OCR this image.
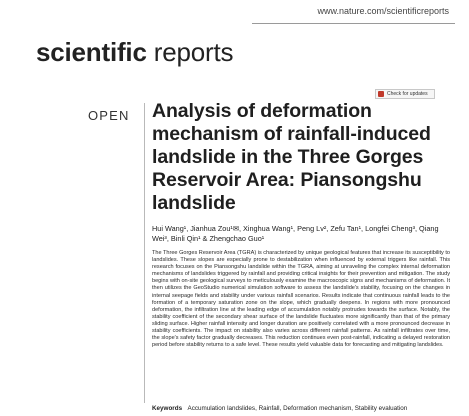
www.nature.com/scientificreports
scientific reports
Check for updates
OPEN Analysis of deformation mechanism of rainfall-induced landslide in the Three Gorges Reservoir Area: Piansongshu landslide
Hui Wang¹, Jianhua Zou¹✉, Xinghua Wang¹, Peng Lv², Zefu Tan¹, Longfei Cheng³, Qiang Wei³, Binli Qin¹ & Zhengchao Guo¹
The Three Gorges Reservoir Area (TGRA) is characterized by unique geological features that increase its susceptibility to landslides. These slopes are especially prone to destabilization when influenced by external triggers like rainfall. This research focuses on the Piansongshu landslide within the TGRA, aiming at unraveling the complex internal deformation mechanisms of landslides triggered by rainfall and providing critical insights for their prevention and mitigation. The study begins with on-site geological surveys to meticulously examine the macroscopic signs and mechanisms of deformation. It then utilizes the GeoStudio numerical simulation software to assess the landslide's stability, focusing on the changes in internal seepage fields and stability under various rainfall scenarios. Results indicate that continuous rainfall leads to the formation of a temporary saturation zone on the slope, which gradually deepens. In regions with more pronounced deformation, the infiltration line at the leading edge of accumulation notably protrudes towards the surface. Notably, the stability coefficient of the secondary shear surface of the landslide fluctuates more significantly than that of the primary sliding surface. Higher rainfall intensity and longer duration are positively correlated with a more pronounced decrease in stability coefficients. The impact on stability also varies across different rainfall patterns. As rainfall infiltrates over time, the slope's safety factor gradually decreases. This reduction continues even post-rainfall, indicating a delayed restoration period before stability returns to a safe level. These results yield valuable data for forecasting and mitigating landslides.
Keywords Accumulation landslides, Rainfall, Deformation mechanism, Stability evaluation
